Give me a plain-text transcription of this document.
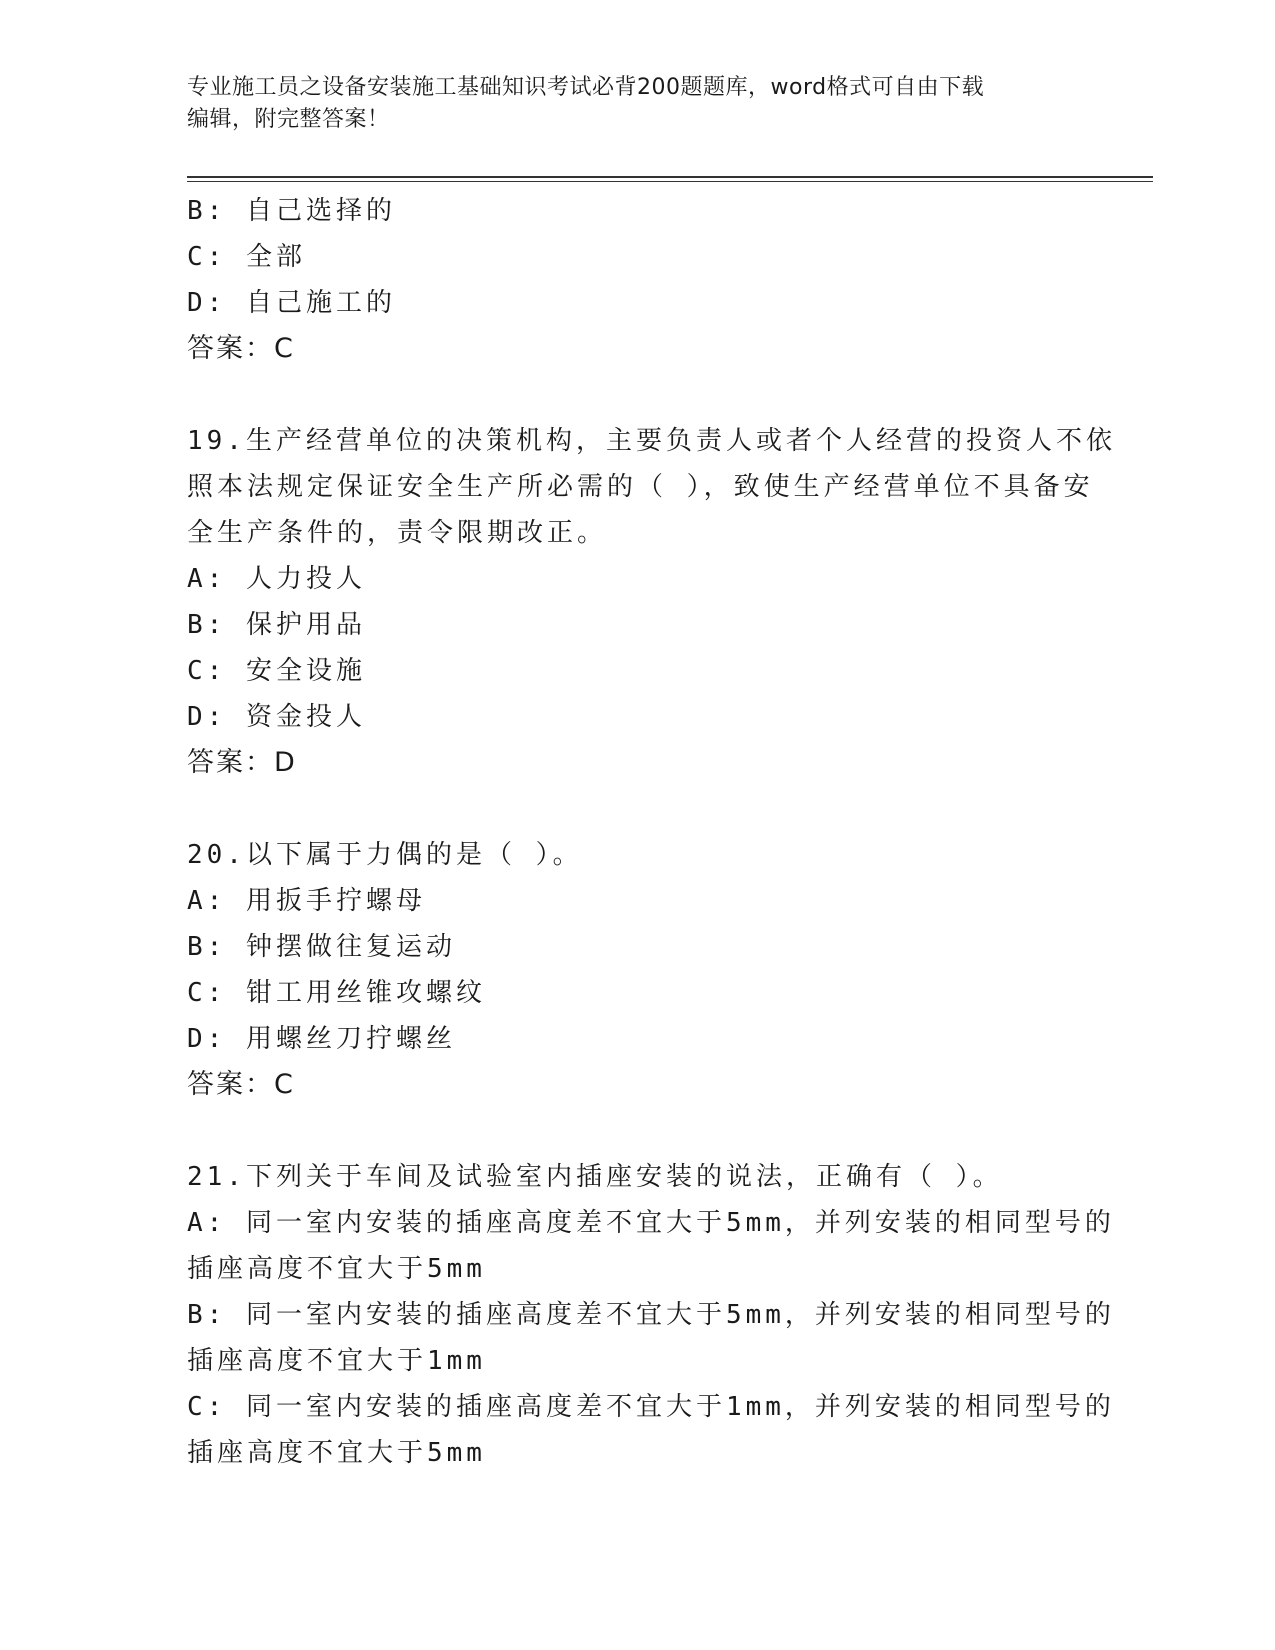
专业施工员之设备安装施工基础知识考试必背200题题库，word格式可自由下载
编辑，附完整答案！
B: 自己选择的
C: 全部
D: 自己施工的
答案：C
19.生产经营单位的决策机构，主要负责人或者个人经营的投资人不依
照本法规定保证安全生产所必需的（ ），致使生产经营单位不具备安
全生产条件的，责令限期改正。
A: 人力投人
B: 保护用品
C: 安全设施
D: 资金投人
答案：D
20.以下属于力偶的是（ ）。
A: 用扳手拧螺母
B: 钟摆做往复运动
C: 钳工用丝锥攻螺纹
D: 用螺丝刀拧螺丝
答案：C
21.下列关于车间及试验室内插座安装的说法，正确有（ ）。
A: 同一室内安装的插座高度差不宜大于5mm，并列安装的相同型号的
插座高度不宜大于5mm
B: 同一室内安装的插座高度差不宜大于5mm，并列安装的相同型号的
插座高度不宜大于1mm
C: 同一室内安装的插座高度差不宜大于1mm，并列安装的相同型号的
插座高度不宜大于5mm
